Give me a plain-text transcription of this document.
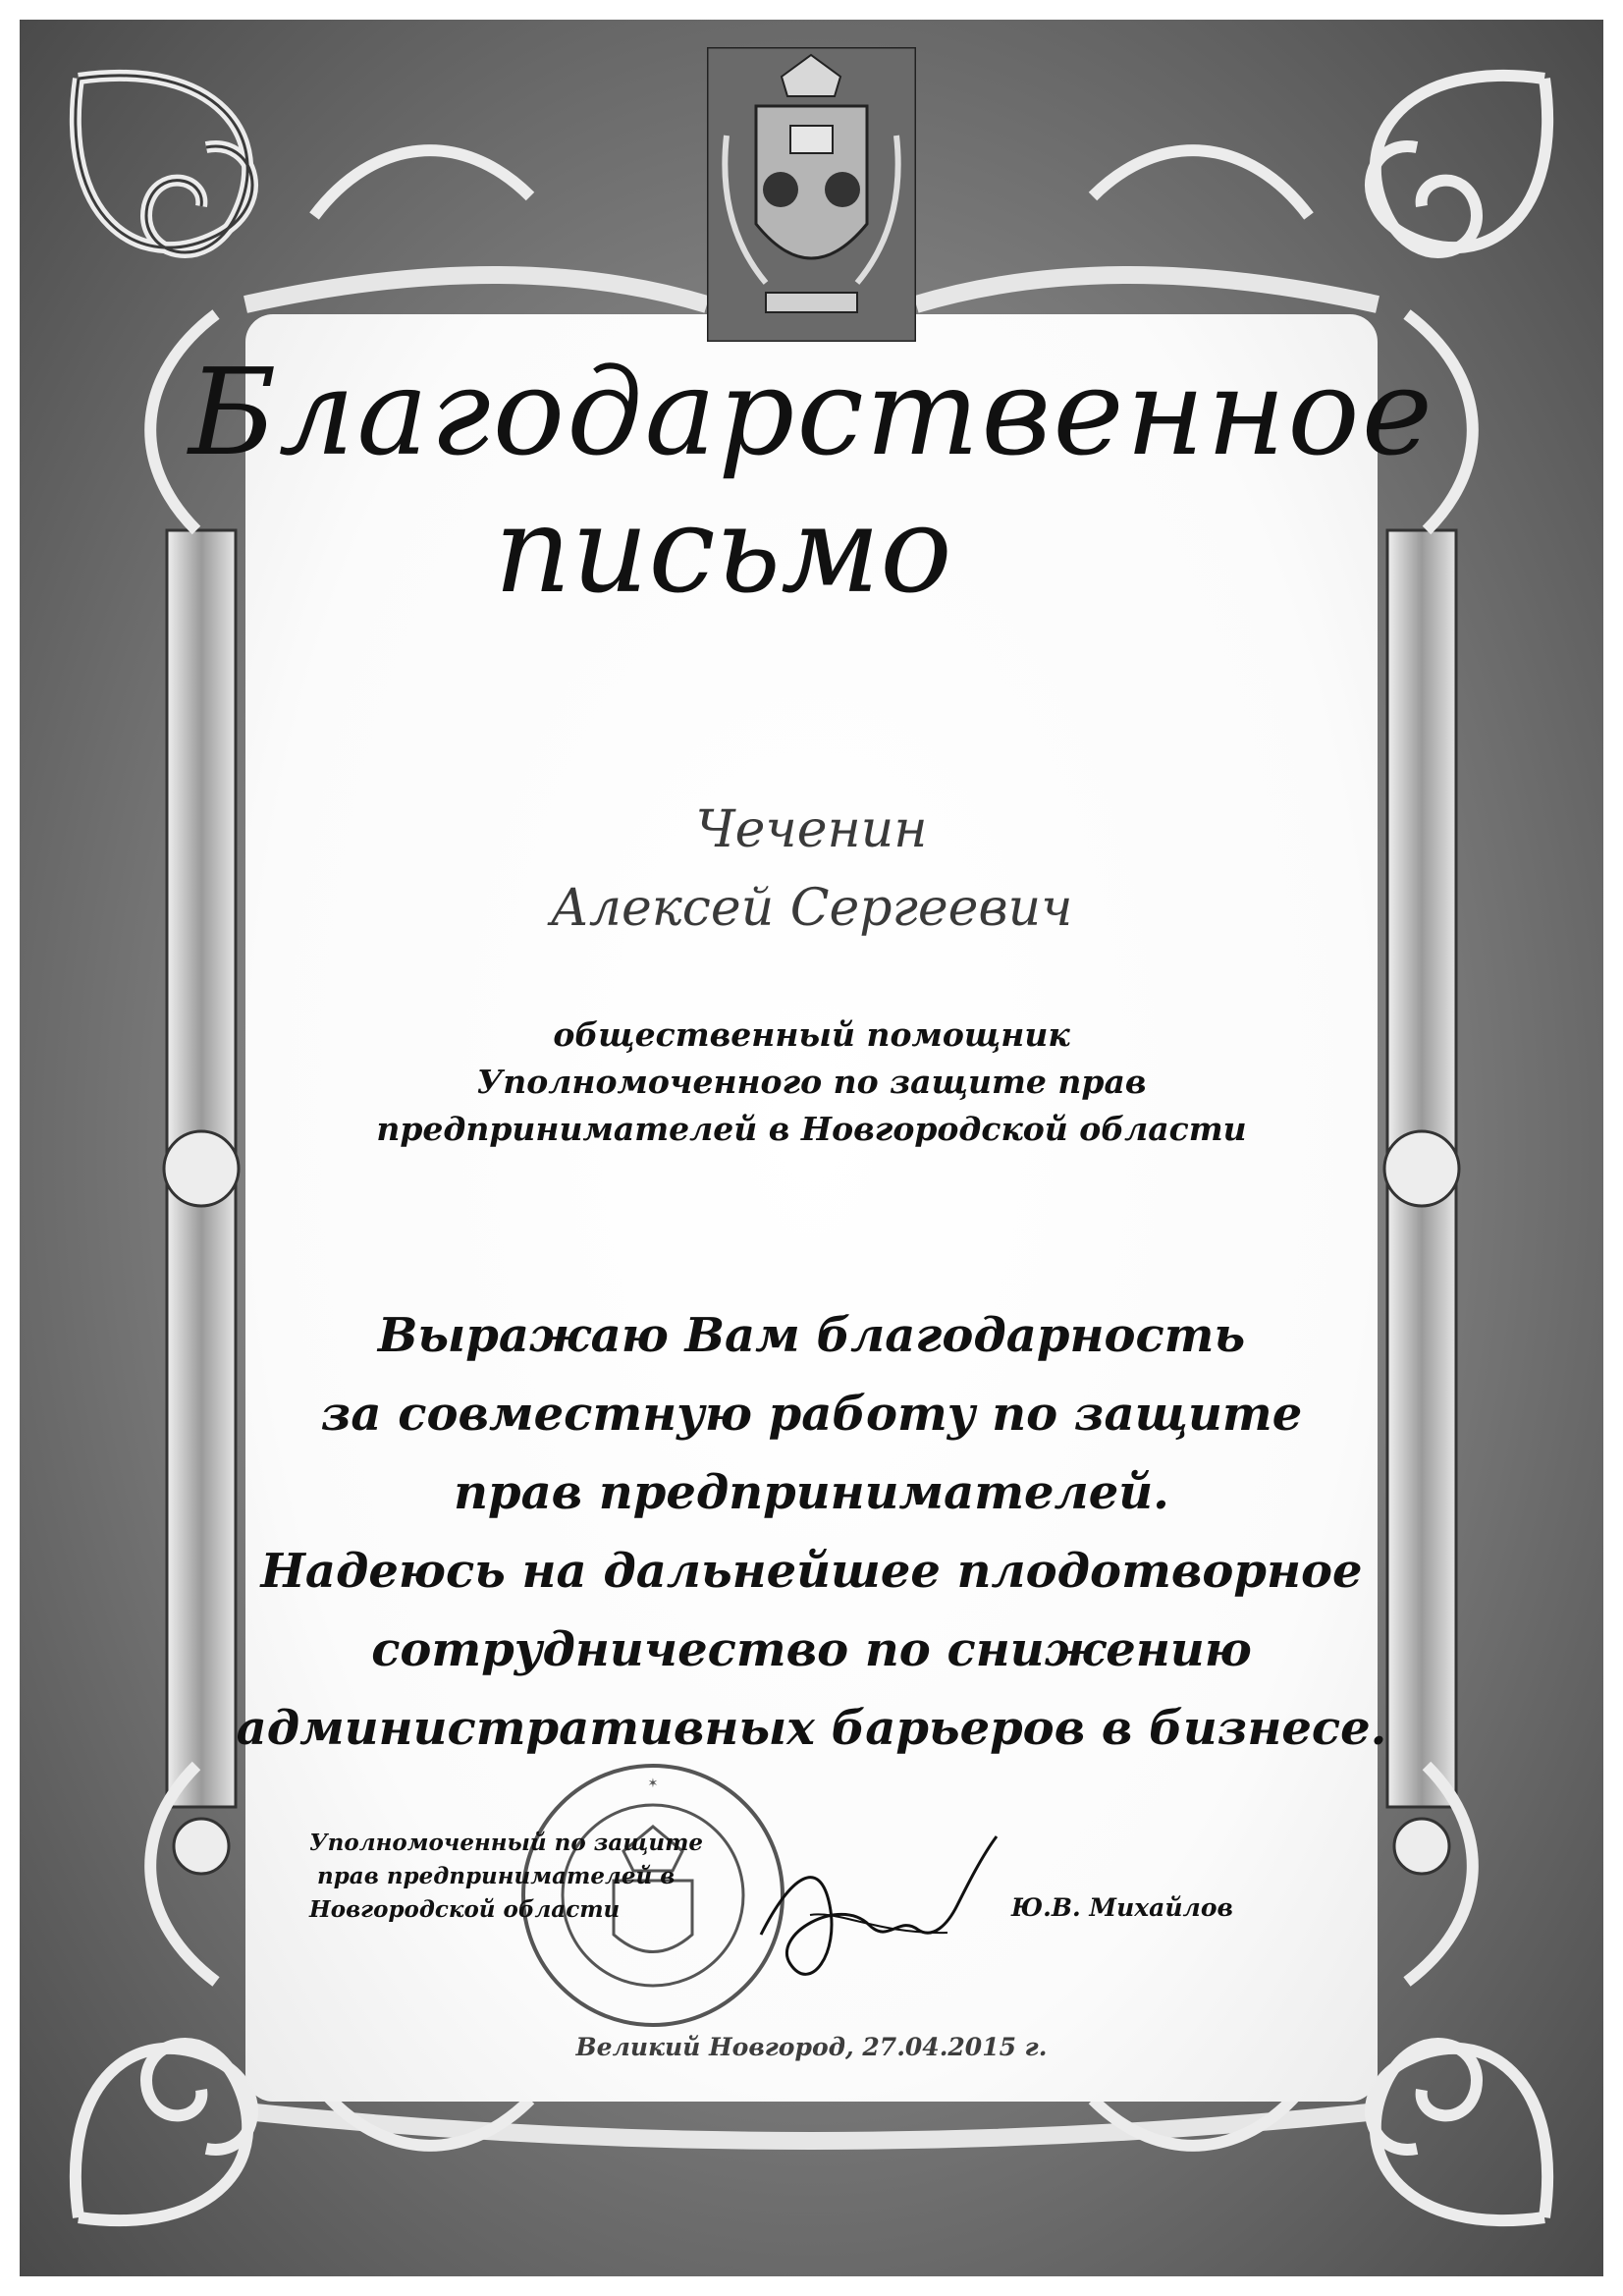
Благодарственное
письмо
Чеченин
Алексей Сергеевич
общественный помощник
Уполномоченного по защите прав
предпринимателей в Новгородской области
Выражаю Вам благодарность
за совместную работу по защите
прав предпринимателей.
Надеюсь на дальнейшее плодотворное
сотрудничество по снижению
административных барьеров в бизнесе.
✶
Уполномоченный по защите
прав предпринимателей в
Новгородской области	Ю.В. Михайлов
Великий Новгород, 27.04.2015 г.
